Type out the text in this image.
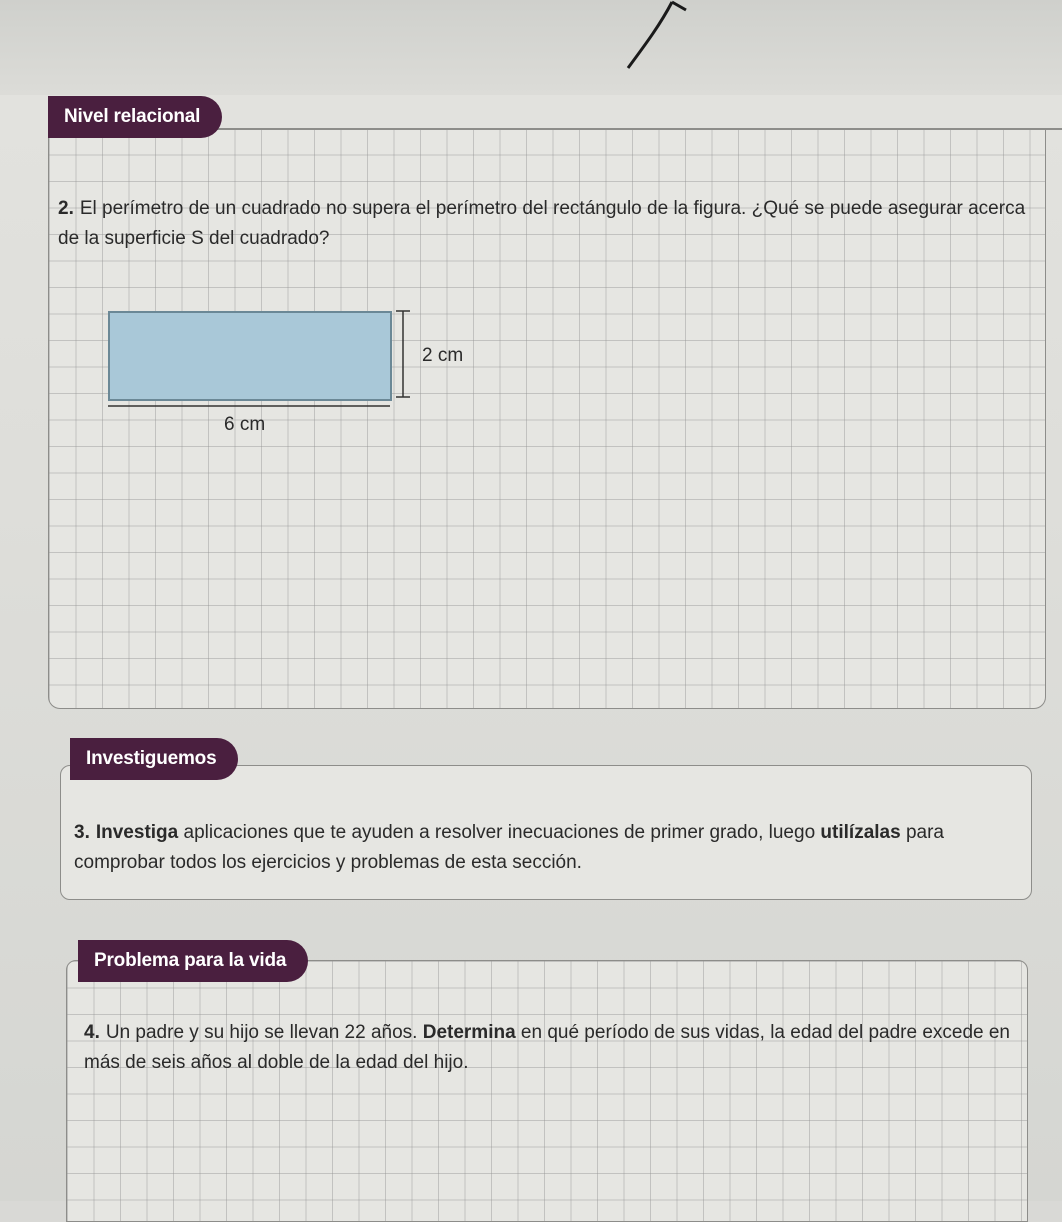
Nivel relacional
2. El perímetro de un cuadrado no supera el perímetro del rectángulo de la figura. ¿Qué se puede asegurar acerca de la superficie S del cuadrado?
2 cm
6 cm
Investiguemos
3. Investiga aplicaciones que te ayuden a resolver inecuaciones de primer grado, luego utilízalas para comprobar todos los ejercicios y problemas de esta sección.
Problema para la vida
4. Un padre y su hijo se llevan 22 años. Determina en qué período de sus vidas, la edad del padre excede en más de seis años al doble de la edad del hijo.
